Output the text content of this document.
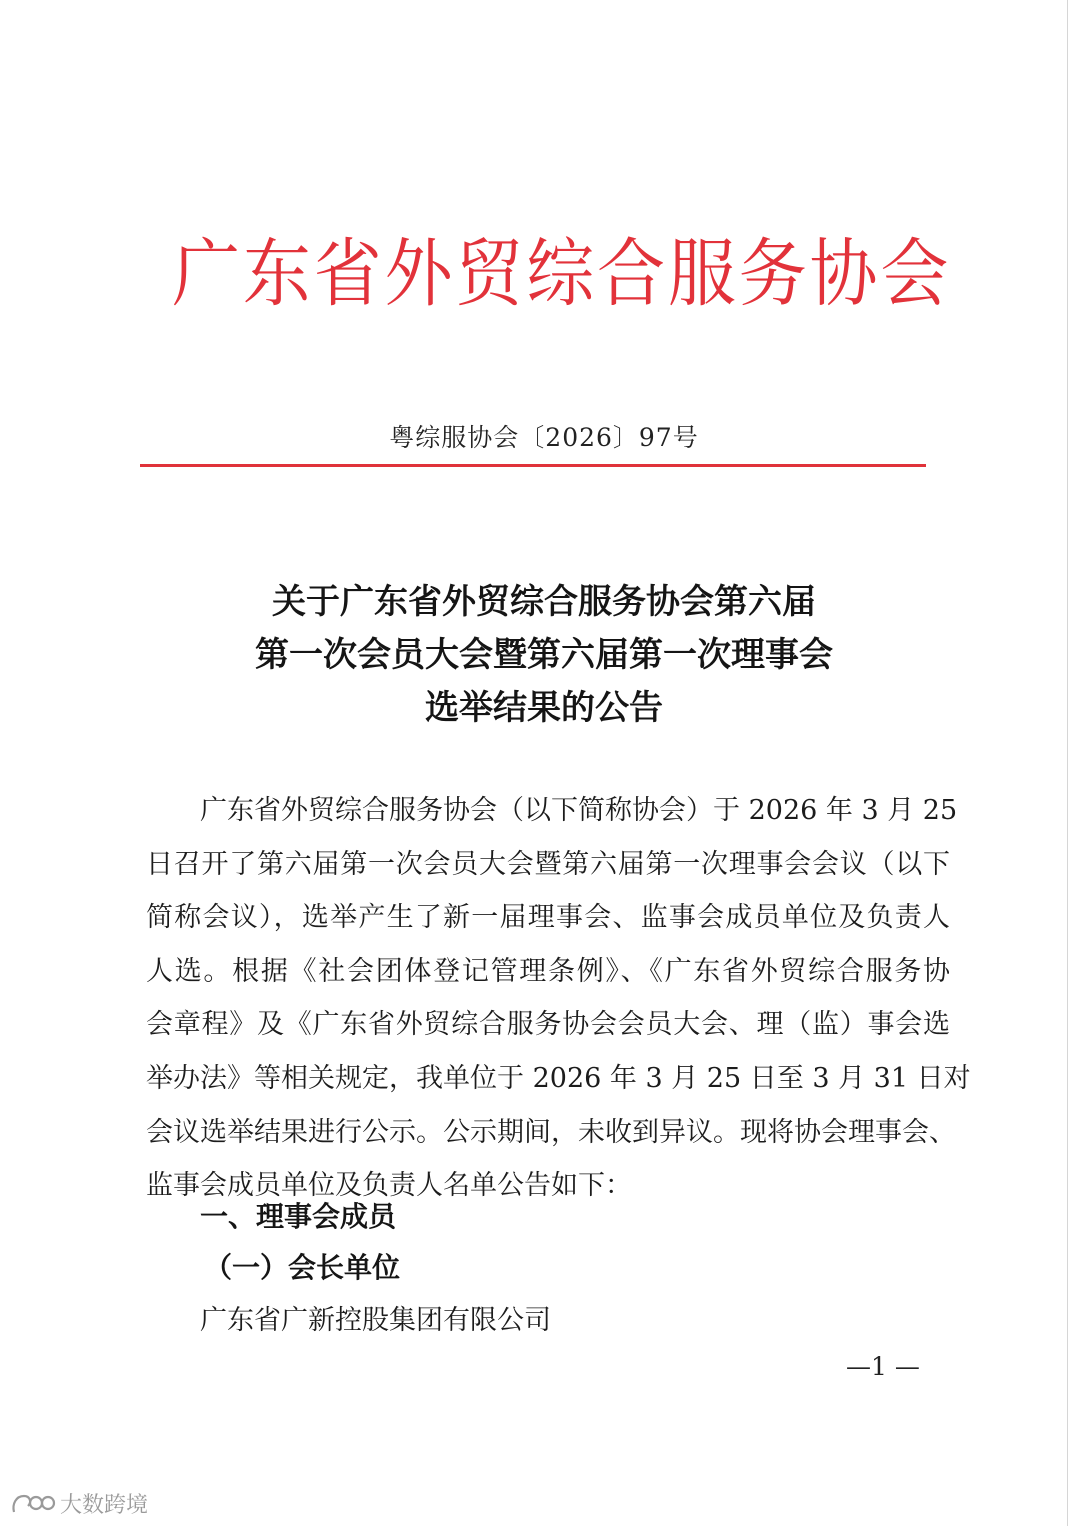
广东省外贸综合服务协会
粤综服协会〔2026〕97号
关于广东省外贸综合服务协会第六届
第一次会员大会暨第六届第一次理事会
选举结果的公告
广东省外贸综合服务协会（以下简称协会）于 2026 年 3 月 25
日召开了第六届第一次会员大会暨第六届第一次理事会会议（以下
简称会议），选举产生了新一届理事会、监事会成员单位及负责人
人选。根据《社会团体登记管理条例》、《广东省外贸综合服务协
会章程》及《广东省外贸综合服务协会会员大会、理（监）事会选
举办法》等相关规定，我单位于 2026 年 3 月 25 日至 3 月 31 日对
会议选举结果进行公示。公示期间，未收到异议。现将协会理事会、
监事会成员单位及负责人名单公告如下：
一、理事会成员
（一）会长单位
广东省广新控股集团有限公司
—1 —
大数跨境
